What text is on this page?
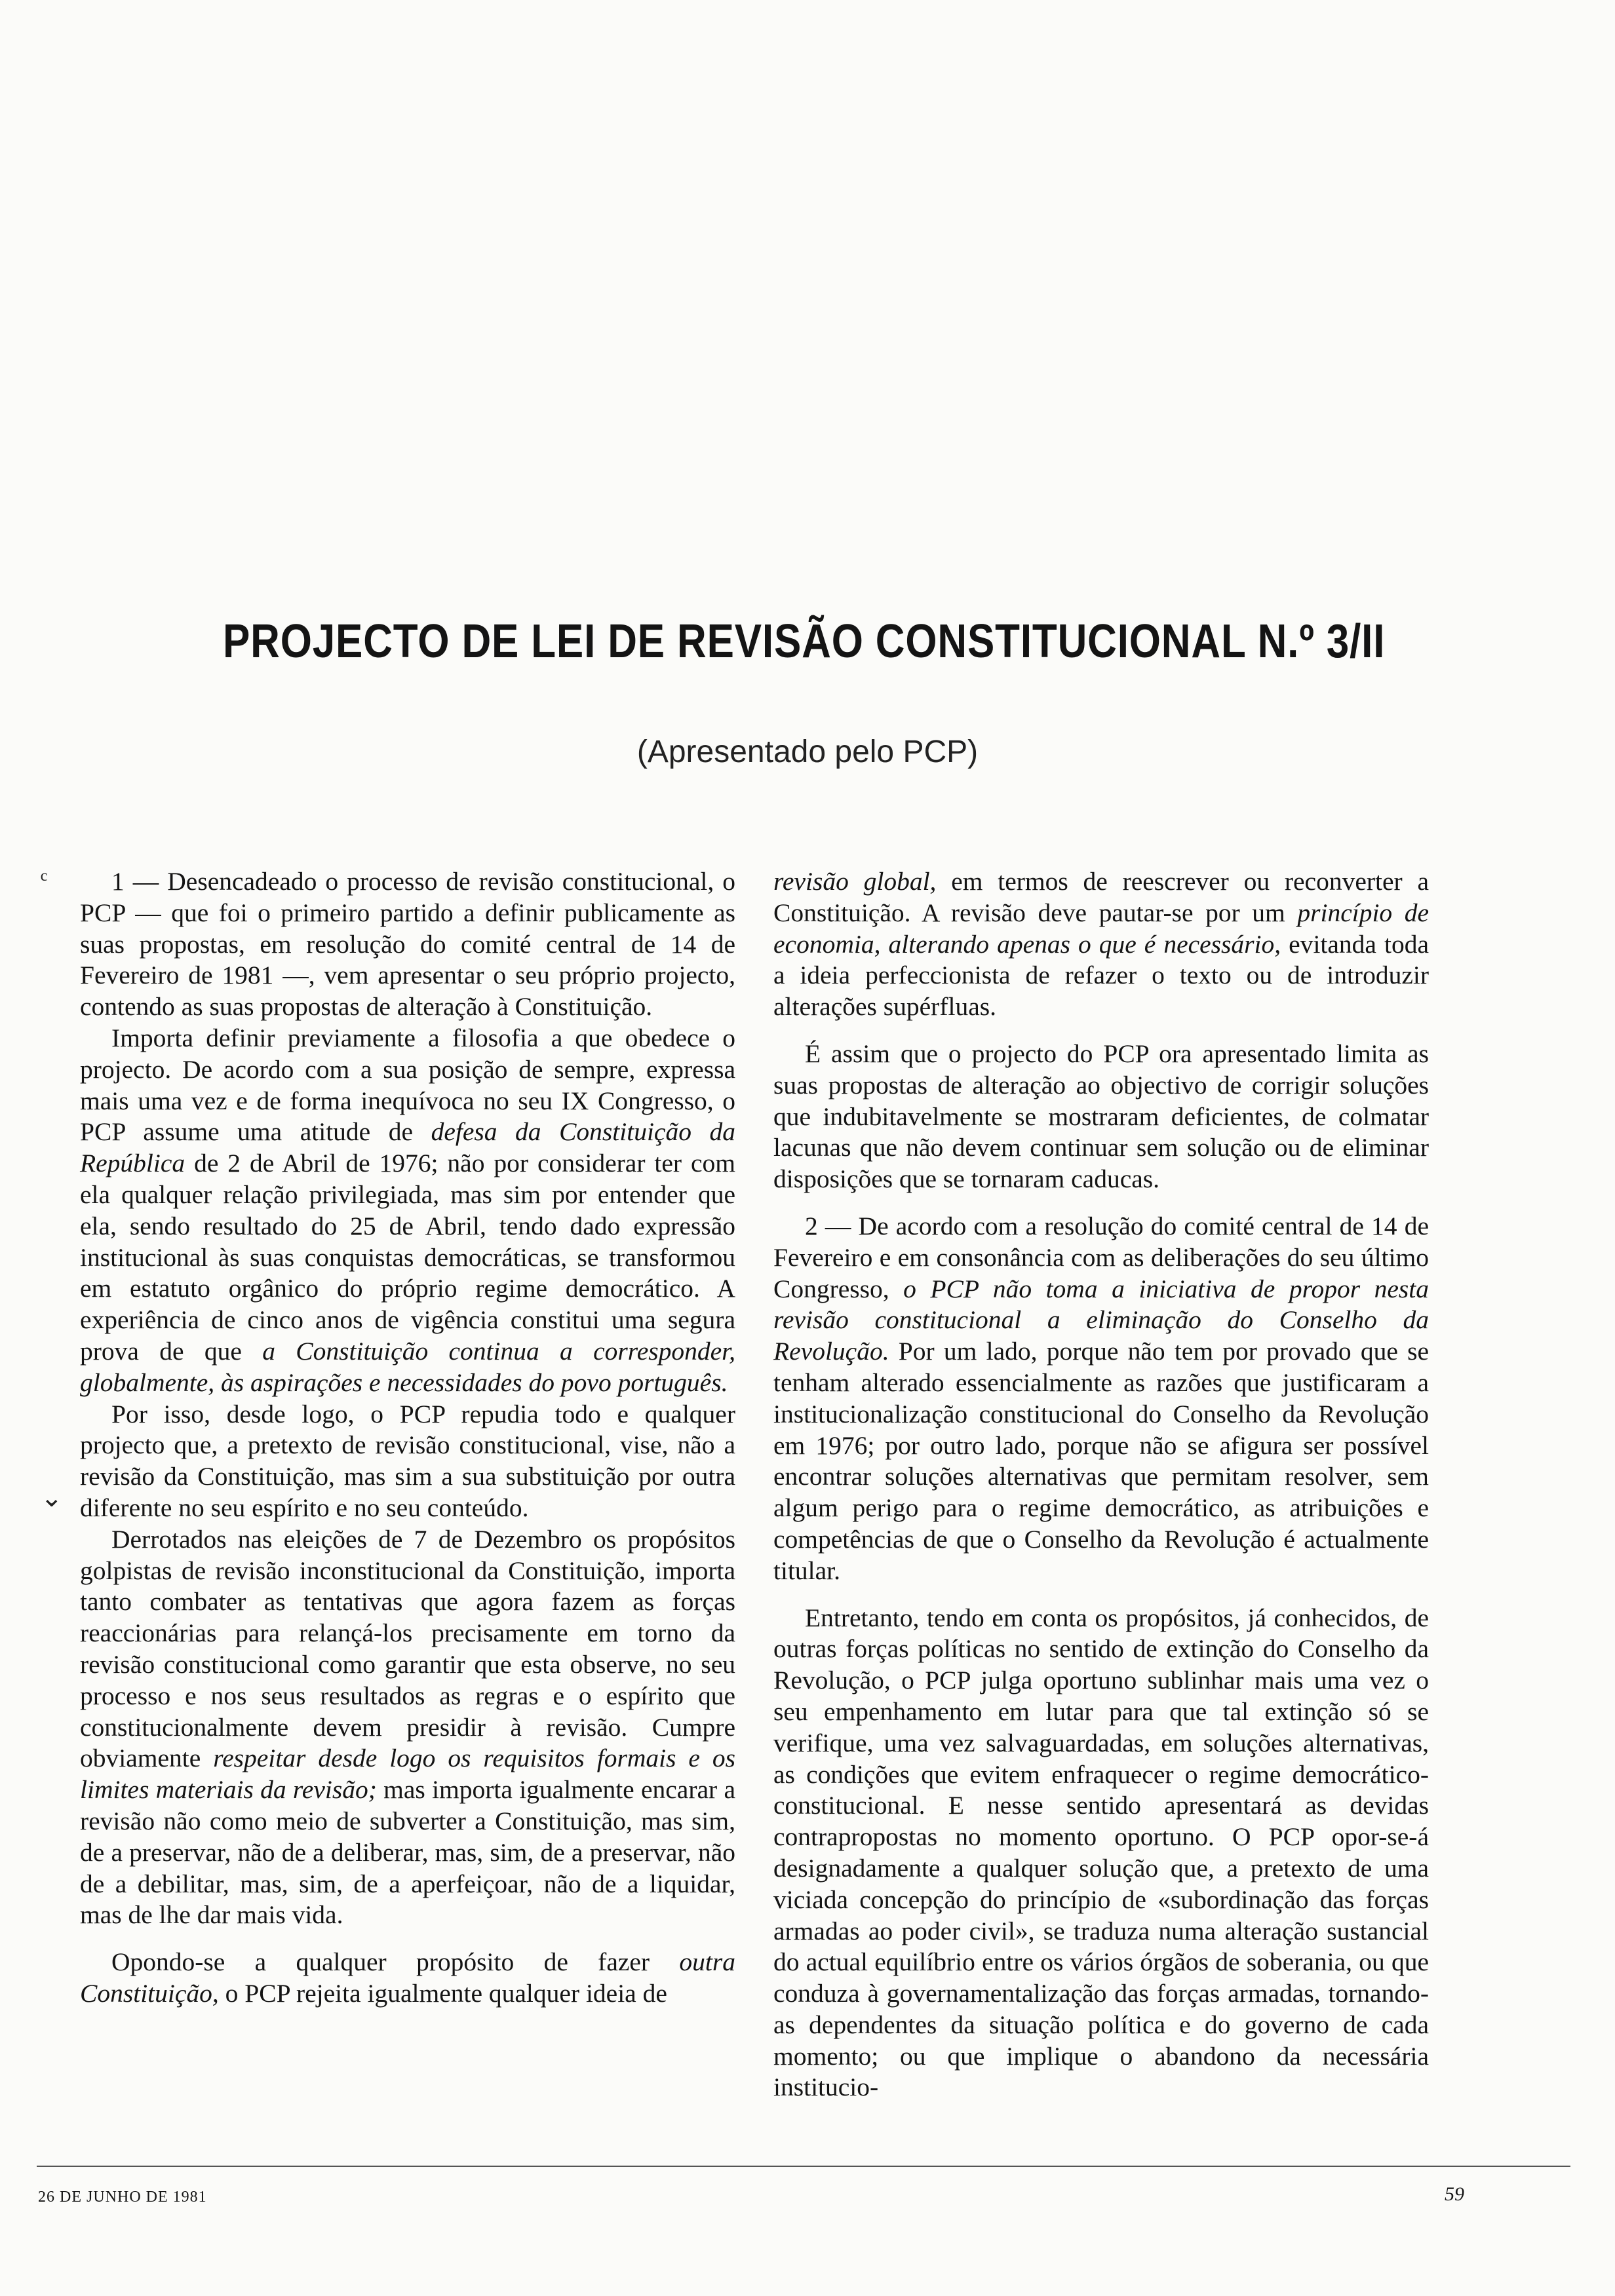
PROJECTO DE LEI DE REVISÃO CONSTITUCIONAL N.º 3/II
(Apresentado pelo PCP)
ᶜ
⌄

1 — Desencadeado o processo de revisão constitucional, o PCP — que foi o primeiro partido a definir publicamente as suas propostas, em resolução do comité central de 14 de Fevereiro de 1981 —, vem apresentar o seu próprio projecto, contendo as suas propostas de alteração à Constituição.

Importa definir previamente a filosofia a que obedece o projecto. De acordo com a sua posição de sempre, expressa mais uma vez e de forma inequívoca no seu IX Congresso, o PCP assume uma atitude de defesa da Constituição da República de 2 de Abril de 1976; não por considerar ter com ela qualquer relação privilegiada, mas sim por entender que ela, sendo resultado do 25 de Abril, tendo dado expressão institucional às suas conquistas democráticas, se transformou em estatuto orgânico do próprio regime democrático. A experiência de cinco anos de vigência constitui uma segura prova de que a Constituição continua a corresponder, globalmente, às aspirações e necessidades do povo português.

Por isso, desde logo, o PCP repudia todo e qualquer projecto que, a pretexto de revisão constitucional, vise, não a revisão da Constituição, mas sim a sua substituição por outra diferente no seu espírito e no seu conteúdo.

Derrotados nas eleições de 7 de Dezembro os propósitos golpistas de revisão inconstitucional da Constituição, importa tanto combater as tentativas que agora fazem as forças reaccionárias para relançá-los precisamente em torno da revisão constitucional como garantir que esta observe, no seu processo e nos seus resultados as regras e o espírito que constitucionalmente devem presidir à revisão. Cumpre obviamente respeitar desde logo os requisitos formais e os limites materiais da revisão; mas importa igualmente encarar a revisão não como meio de subverter a Constituição, mas sim, de a preservar, não de a deliberar, mas, sim, de a preservar, não de a debilitar, mas, sim, de a aperfeiçoar, não de a liquidar, mas de lhe dar mais vida.

Opondo-se a qualquer propósito de fazer outra Constituição, o PCP rejeita igualmente qualquer ideia de

revisão global, em termos de reescrever ou reconverter a Constituição. A revisão deve pautar-se por um princípio de economia, alterando apenas o que é necessário, evitanda toda a ideia perfeccionista de refazer o texto ou de introduzir alterações supérfluas.

É assim que o projecto do PCP ora apresentado limita as suas propostas de alteração ao objectivo de corrigir soluções que indubitavelmente se mostraram deficientes, de colmatar lacunas que não devem continuar sem solução ou de eliminar disposições que se tornaram caducas.

2 — De acordo com a resolução do comité central de 14 de Fevereiro e em consonância com as deliberações do seu último Congresso, o PCP não toma a iniciativa de propor nesta revisão constitucional a eliminação do Conselho da Revolução. Por um lado, porque não tem por provado que se tenham alterado essencialmente as razões que justificaram a institucionalização constitucional do Conselho da Revolução em 1976; por outro lado, porque não se afigura ser possível encontrar soluções alternativas que permitam resolver, sem algum perigo para o regime democrático, as atribuições e competências de que o Conselho da Revolução é actualmente titular.

Entretanto, tendo em conta os propósitos, já conhecidos, de outras forças políticas no sentido de extinção do Conselho da Revolução, o PCP julga oportuno sublinhar mais uma vez o seu empenhamento em lutar para que tal extinção só se verifique, uma vez salvaguardadas, em soluções alternativas, as condições que evitem enfraquecer o regime democrático-constitucional. E nesse sentido apresentará as devidas contrapropostas no momento oportuno. O PCP opor-se-á designadamente a qualquer solução que, a pretexto de uma viciada concepção do princípio de «subordinação das forças armadas ao poder civil», se traduza numa alteração sustancial do actual equilíbrio entre os vários órgãos de soberania, ou que conduza à governamentalização das forças armadas, tornando-as dependentes da situação política e do governo de cada momento; ou que implique o abandono da necessária institucio-

26 DE JUNHO DE 1981	59
